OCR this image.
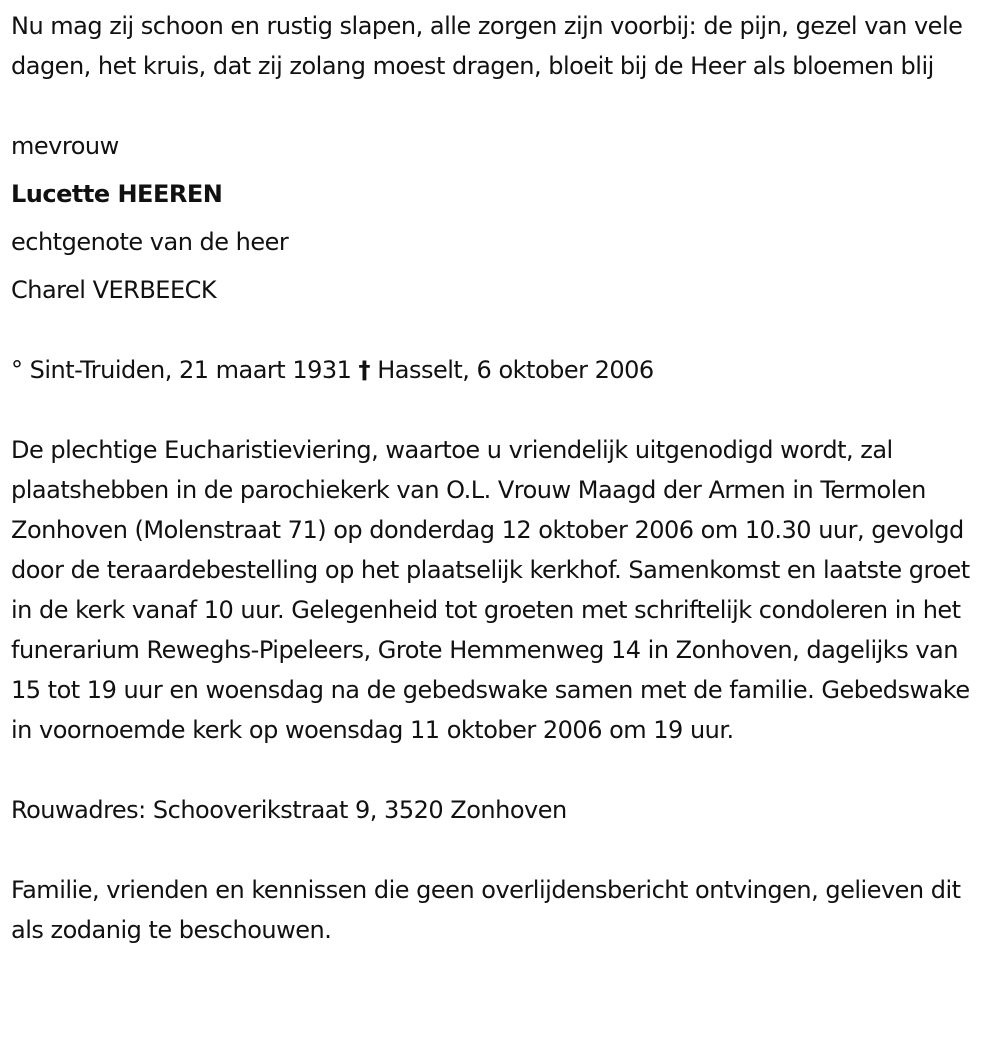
Nu mag zij schoon en rustig slapen, alle zorgen zijn voorbij: de pijn, gezel van vele dagen, het kruis, dat zij zolang moest dragen, bloeit bij de Heer als bloemen blij

mevrouw
Lucette HEEREN
echtgenote van de heer
Charel VERBEECK

° Sint-Truiden, 21 maart 1931 † Hasselt, 6 oktober 2006

De plechtige Eucharistieviering, waartoe u vriendelijk uitgenodigd wordt, zal plaatshebben in de parochiekerk van O.L. Vrouw Maagd der Armen in Termolen Zonhoven (Molenstraat 71) op donderdag 12 oktober 2006 om 10.30 uur, gevolgd door de teraardebestelling op het plaatselijk kerkhof. Samenkomst en laatste groet in de kerk vanaf 10 uur. Gelegenheid tot groeten met schriftelijk condoleren in het funerarium Reweghs-Pipeleers, Grote Hemmenweg 14 in Zonhoven, dagelijks van 15 tot 19 uur en woensdag na de gebedswake samen met de familie. Gebedswake in voornoemde kerk op woensdag 11 oktober 2006 om 19 uur.

Rouwadres: Schooverikstraat 9, 3520 Zonhoven

Familie, vrienden en kennissen die geen overlijdensbericht ontvingen, gelieven dit als zodanig te beschouwen.
